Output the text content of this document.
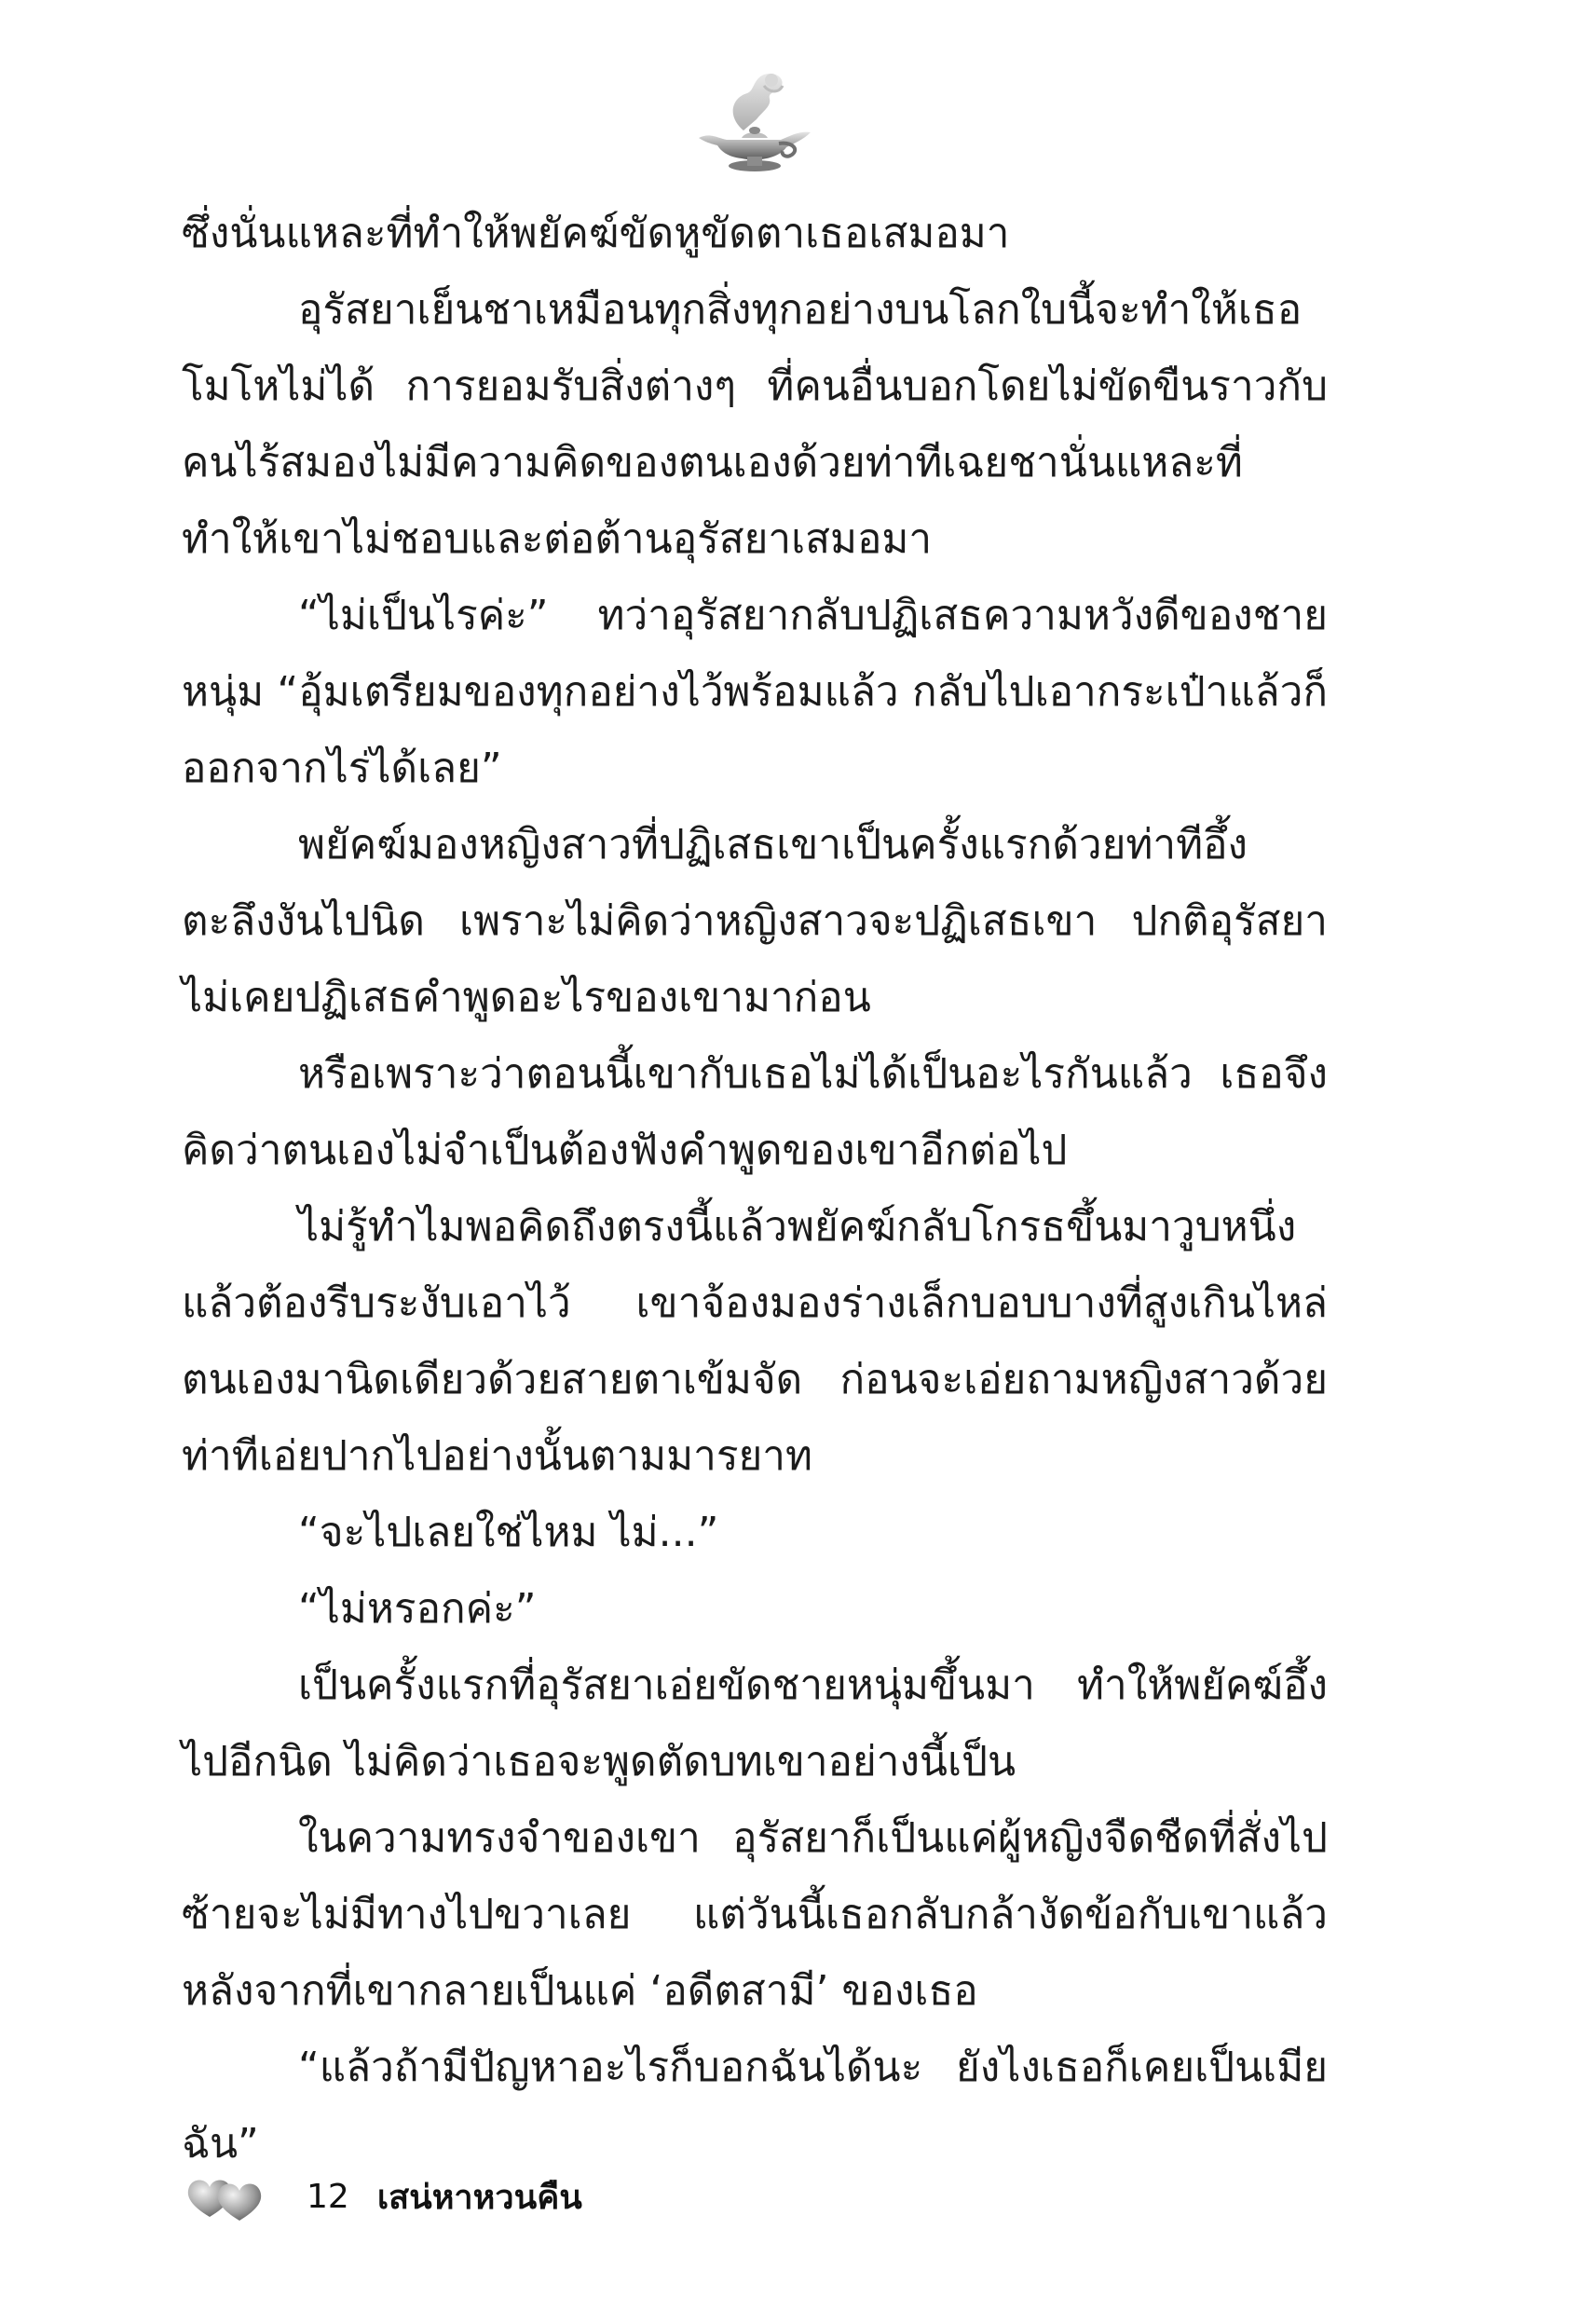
ซึ่งนั่นแหละที่ทำให้พยัคฆ์ขัดหูขัดตาเธอเสมอมา

อุรัสยาเย็นชาเหมือนทุกสิ่งทุกอย่างบนโลกใบนี้จะทำให้เธอโมโหไม่ได้ การยอมรับสิ่งต่างๆ ที่คนอื่นบอกโดยไม่ขัดขืนราวกับคนไร้สมองไม่มีความคิดของตนเองด้วยท่าทีเฉยชานั่นแหละที่ทำให้เขาไม่ชอบและต่อต้านอุรัสยาเสมอมา

“ไม่เป็นไรค่ะ” ทว่าอุรัสยากลับปฏิเสธความหวังดีของชายหนุ่ม “อุ้มเตรียมของทุกอย่างไว้พร้อมแล้ว กลับไปเอากระเป๋าแล้วก็ออกจากไร่ได้เลย”

พยัคฆ์มองหญิงสาวที่ปฏิเสธเขาเป็นครั้งแรกด้วยท่าทีอึ้งตะลึงงันไปนิด เพราะไม่คิดว่าหญิงสาวจะปฏิเสธเขา ปกติอุรัสยาไม่เคยปฏิเสธคำพูดอะไรของเขามาก่อน

หรือเพราะว่าตอนนี้เขากับเธอไม่ได้เป็นอะไรกันแล้ว เธอจึงคิดว่าตนเองไม่จำเป็นต้องฟังคำพูดของเขาอีกต่อไป

ไม่รู้ทำไมพอคิดถึงตรงนี้แล้วพยัคฆ์กลับโกรธขึ้นมาวูบหนึ่งแล้วต้องรีบระงับเอาไว้ เขาจ้องมองร่างเล็กบอบบางที่สูงเกินไหล่ตนเองมานิดเดียวด้วยสายตาเข้มจัด ก่อนจะเอ่ยถามหญิงสาวด้วยท่าทีเอ่ยปากไปอย่างนั้นตามมารยาท

“จะไปเลยใช่ไหม ไม่...”

“ไม่หรอกค่ะ”

เป็นครั้งแรกที่อุรัสยาเอ่ยขัดชายหนุ่มขึ้นมา ทำให้พยัคฆ์อึ้งไปอีกนิด ไม่คิดว่าเธอจะพูดตัดบทเขาอย่างนี้เป็น

ในความทรงจำของเขา อุรัสยาก็เป็นแค่ผู้หญิงจืดชืดที่สั่งไปซ้ายจะไม่มีทางไปขวาเลย แต่วันนี้เธอกลับกล้างัดข้อกับเขาแล้วหลังจากที่เขากลายเป็นแค่ ‘อดีตสามี’ ของเธอ

“แล้วถ้ามีปัญหาอะไรก็บอกฉันได้นะ ยังไงเธอก็เคยเป็นเมียฉัน”

12 เสน่หาหวนคืน
